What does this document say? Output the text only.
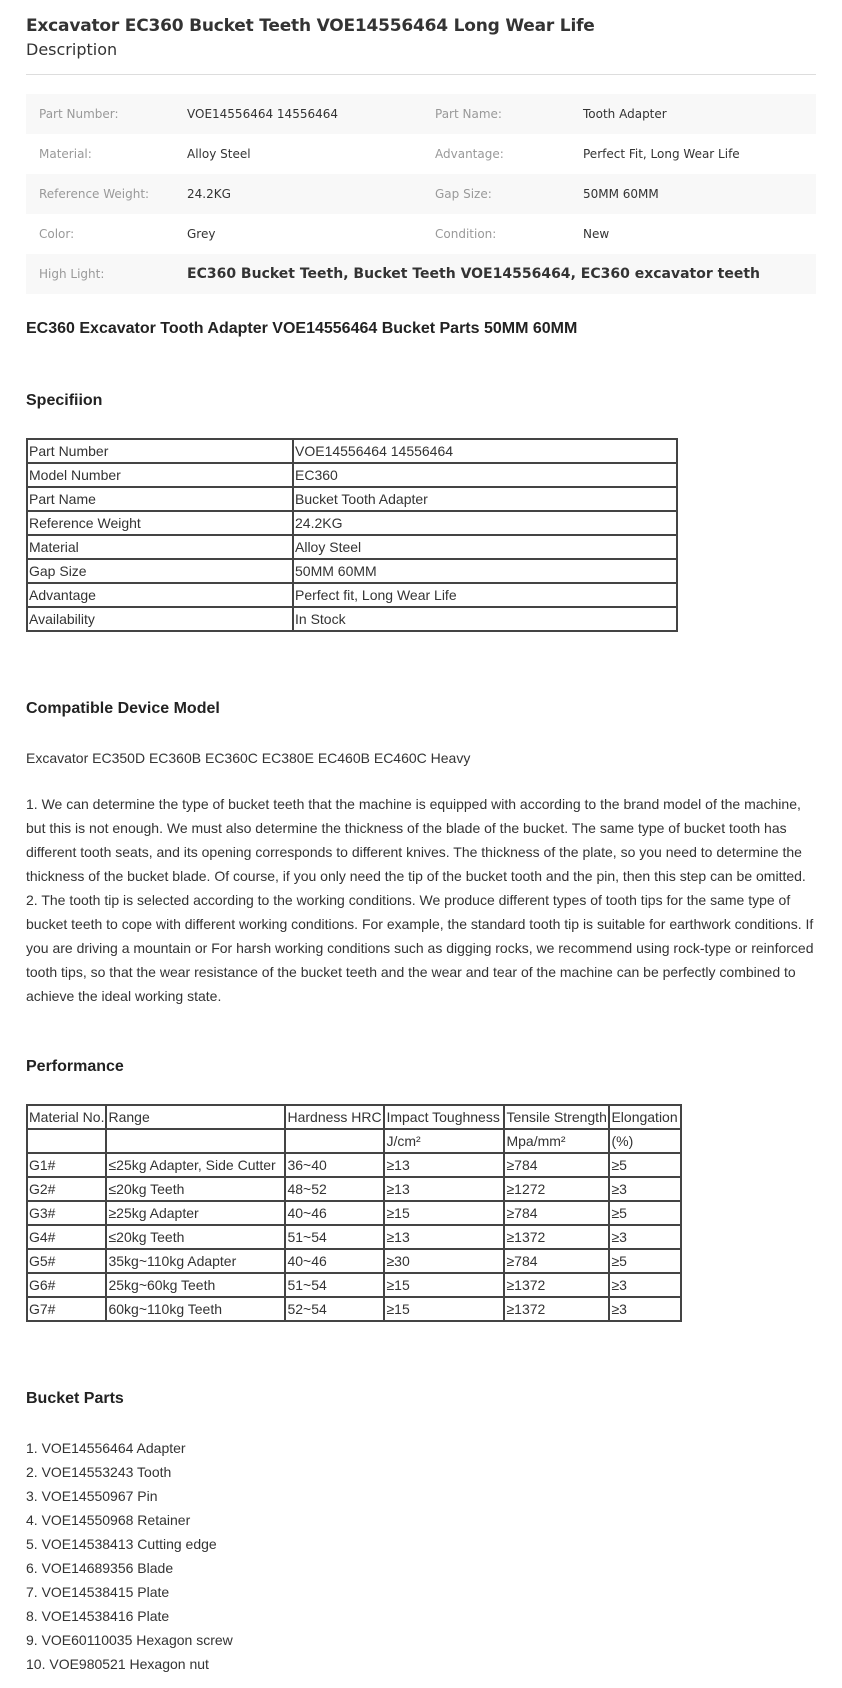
Excavator EC360 Bucket Teeth VOE14556464 Long Wear Life
Description
Part Number:	VOE14556464 14556464	Part Name:	Tooth Adapter
Material:	Alloy Steel	Advantage:	Perfect Fit, Long Wear Life
Reference Weight:	24.2KG	Gap Size:	50MM 60MM
Color:	Grey	Condition:	New
High Light:	EC360 Bucket Teeth, Bucket Teeth VOE14556464, EC360 excavator teeth		
EC360 Excavator Tooth Adapter VOE14556464 Bucket Parts 50MM 60MM
Specifiion
Part Number	VOE14556464 14556464
Model Number	EC360
Part Name	Bucket Tooth Adapter
Reference Weight	24.2KG
Material	Alloy Steel
Gap Size	50MM 60MM
Advantage	Perfect fit, Long Wear Life
Availability	In Stock
Compatible Device Model
Excavator EC350D EC360B EC360C EC380E EC460B EC460C Heavy

1. We can determine the type of bucket teeth that the machine is equipped with according to the brand model of the machine, but this is not enough. We must also determine the thickness of the blade of the bucket. The same type of bucket tooth has different tooth seats, and its opening corresponds to different knives. The thickness of the plate, so you need to determine the thickness of the bucket blade. Of course, if you only need the tip of the bucket tooth and the pin, then this step can be omitted.

2. The tooth tip is selected according to the working conditions. We produce different types of tooth tips for the same type of bucket teeth to cope with different working conditions. For example, the standard tooth tip is suitable for earthwork conditions. If you are driving a mountain or For harsh working conditions such as digging rocks, we recommend using rock-type or reinforced tooth tips, so that the wear resistance of the bucket teeth and the wear and tear of the machine can be perfectly combined to achieve the ideal working state.

Performance
Material No.	Range	Hardness HRC	Impact Toughness	Tensile Strength	Elongation
			J/cm²	Mpa/mm²	(%)
G1#	≤25kg Adapter, Side Cutter	36~40	≥13	≥784	≥5
G2#	≤20kg Teeth	48~52	≥13	≥1272	≥3
G3#	≥25kg Adapter	40~46	≥15	≥784	≥5
G4#	≤20kg Teeth	51~54	≥13	≥1372	≥3
G5#	35kg~110kg Adapter	40~46	≥30	≥784	≥5
G6#	25kg~60kg Teeth	51~54	≥15	≥1372	≥3
G7#	60kg~110kg Teeth	52~54	≥15	≥1372	≥3
Bucket Parts
1. VOE14556464 Adapter
2. VOE14553243 Tooth
3. VOE14550967 Pin
4. VOE14550968 Retainer
5. VOE14538413 Cutting edge
6. VOE14689356 Blade
7. VOE14538415 Plate
8. VOE14538416 Plate
9. VOE60110035 Hexagon screw
10. VOE980521 Hexagon nut
